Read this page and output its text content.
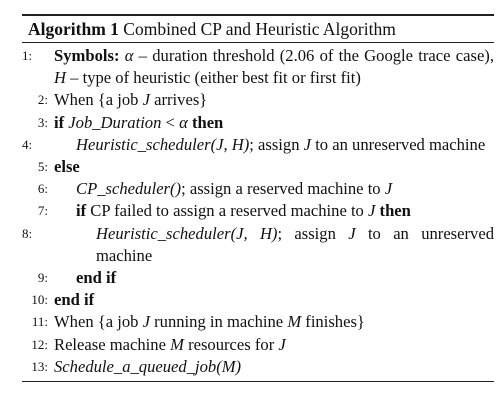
Algorithm 1 Combined CP and Heuristic Algorithm
1:	Symbols: α – duration threshold (2.06 of the Google trace case), H – type of heuristic (either best fit or first fit)
2: When {a job J arrives}
3: if Job_Duration < α then
4:	Heuristic_scheduler(J, H); assign J to an unreserved machine
5: else
6: CP_scheduler(); assign a reserved machine to J
7: if CP failed to assign a reserved machine to J then
8:	Heuristic_scheduler(J, H); assign J to an unreserved machine
9: end if
10: end if
11: When {a job J running in machine M finishes}
12: Release machine M resources for J
13: Schedule_a_queued_job(M)
